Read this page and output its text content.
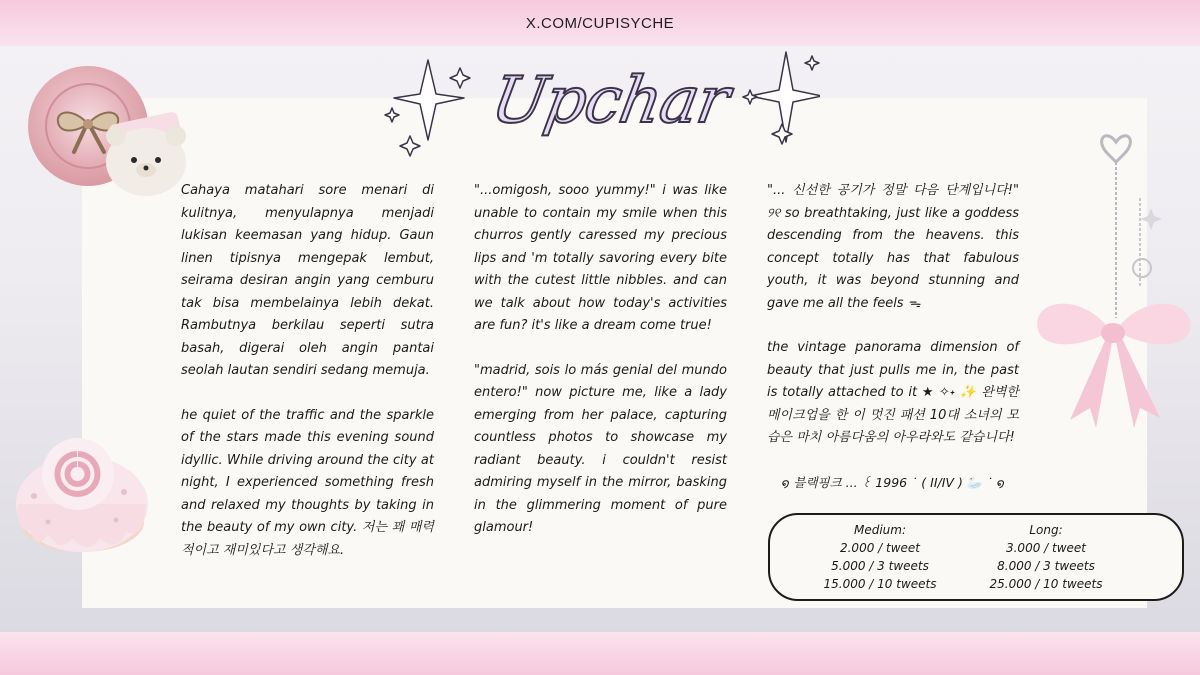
X.COM/CUPISYCHE
Upchar

Cahaya matahari sore menari di kulitnya, menyulapnya menjadi lukisan keemasan yang hidup. Gaun linen tipisnya mengepak lembut, seirama desiran angin yang cemburu tak bisa membelainya lebih dekat. Rambutnya berkilau seperti sutra basah, digerai oleh angin pantai seolah lautan sendiri sedang memuja.

he quiet of the traffic and the sparkle of the stars made this evening sound idyllic. While driving around the city at night, I experienced something fresh and relaxed my thoughts by taking in the beauty of my own city. 저는 꽤 매력적이고 재미있다고 생각해요.

"...omigosh, sooo yummy!" i was like unable to contain my smile when this churros gently caressed my precious lips and 'm totally savoring every bite with the cutest little nibbles. and can we talk about how today's activities are fun? it's like a dream come true!

"madrid, sois lo más genial del mundo entero!" now picture me, like a lady emerging from her palace, capturing countless photos to showcase my radiant beauty. i couldn't resist admiring myself in the mirror, basking in the glimmering moment of pure glamour!

"... 신선한 공기가 정말 다음 단계입니다!" ୨୧ so breathtaking, just like a goddess descending from the heavens. this concept totally has that fabulous youth, it was beyond stunning and gave me all the feels ᯓ

the vintage panorama dimension of beauty that just pulls me in, the past is totally attached to it ★ ✧˖ ✨ 완벽한 메이크업을 한 이 멋진 패션 10대 소녀의 모습은 마치 아름다움의 아우라와도 같습니다!

໑ 블랙핑크 ... ꒰ 1996 ˙ ( II/IV ) 🦢 ˙ ໑

Medium:
2.000 / tweet
5.000 / 3 tweets
15.000 / 10 tweets
Long:
3.000 / tweet
8.000 / 3 tweets
25.000 / 10 tweets
